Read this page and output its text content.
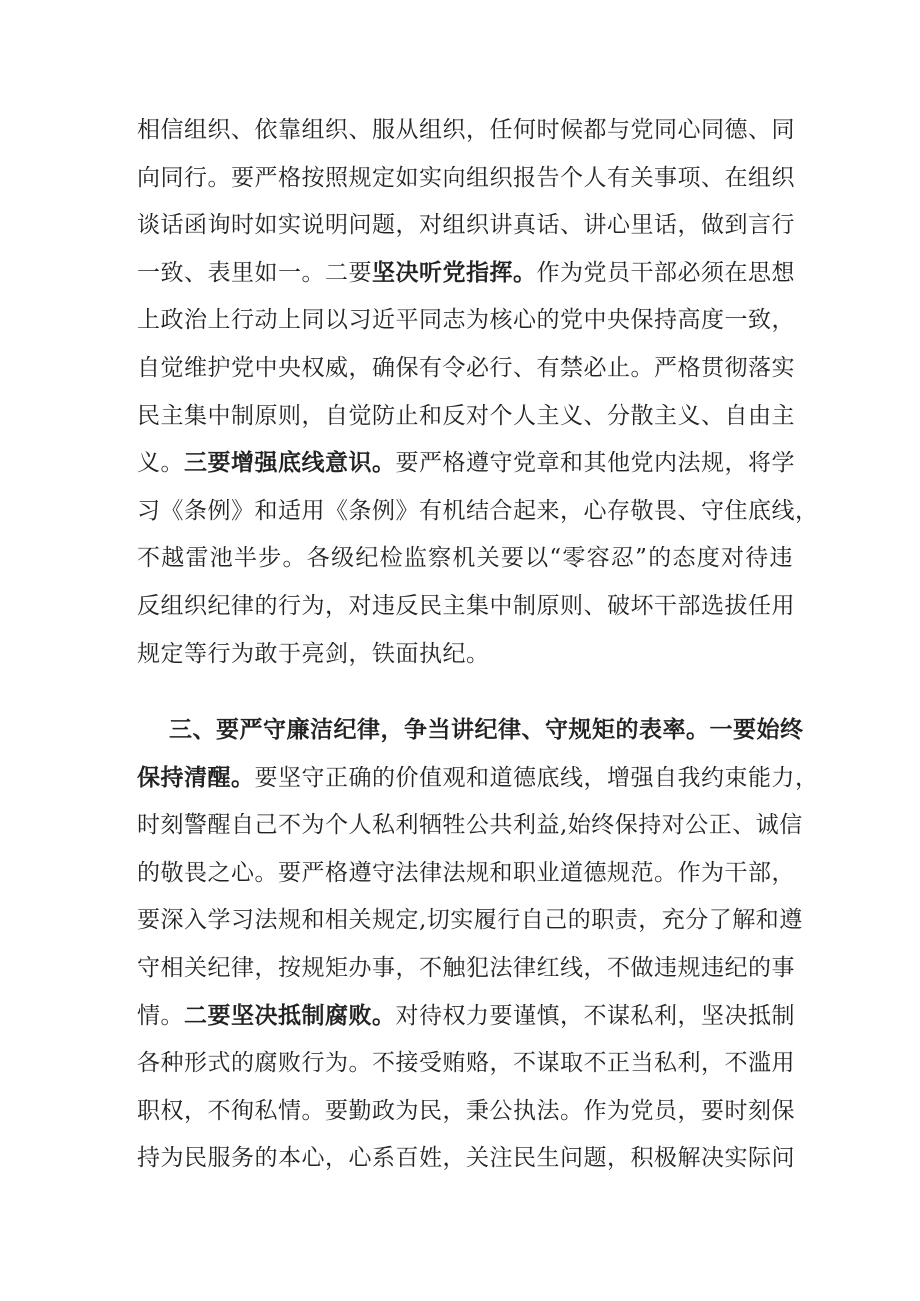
相信组织、依靠组织、服从组织，任何时候都与党同心同德、同
向同行。要严格按照规定如实向组织报告个人有关事项、在组织
谈话函询时如实说明问题，对组织讲真话、讲心里话，做到言行
一致、表里如一。二要坚决听党指挥。作为党员干部必须在思想
上政治上行动上同以习近平同志为核心的党中央保持高度一致，
自觉维护党中央权威，确保有令必行、有禁必止。严格贯彻落实
民主集中制原则，自觉防止和反对个人主义、分散主义、自由主
义。三要增强底线意识。要严格遵守党章和其他党内法规，将学
习《条例》和适用《条例》有机结合起来，心存敬畏、守住底线，
不越雷池半步。各级纪检监察机关要以“零容忍”的态度对待违
反组织纪律的行为，对违反民主集中制原则、破坏干部选拔任用
规定等行为敢于亮剑，铁面执纪。
三、要严守廉洁纪律，争当讲纪律、守规矩的表率。一要始终
保持清醒。要坚守正确的价值观和道德底线，增强自我约束能力，
时刻警醒自己不为个人私利牺牲公共利益,始终保持对公正、诚信
的敬畏之心。要严格遵守法律法规和职业道德规范。作为干部，
要深入学习法规和相关规定,切实履行自己的职责，充分了解和遵
守相关纪律，按规矩办事，不触犯法律红线，不做违规违纪的事
情。二要坚决抵制腐败。对待权力要谨慎，不谋私利，坚决抵制
各种形式的腐败行为。不接受贿赂，不谋取不正当私利，不滥用
职权，不徇私情。要勤政为民，秉公执法。作为党员，要时刻保
持为民服务的本心，心系百姓，关注民生问题，积极解决实际问
